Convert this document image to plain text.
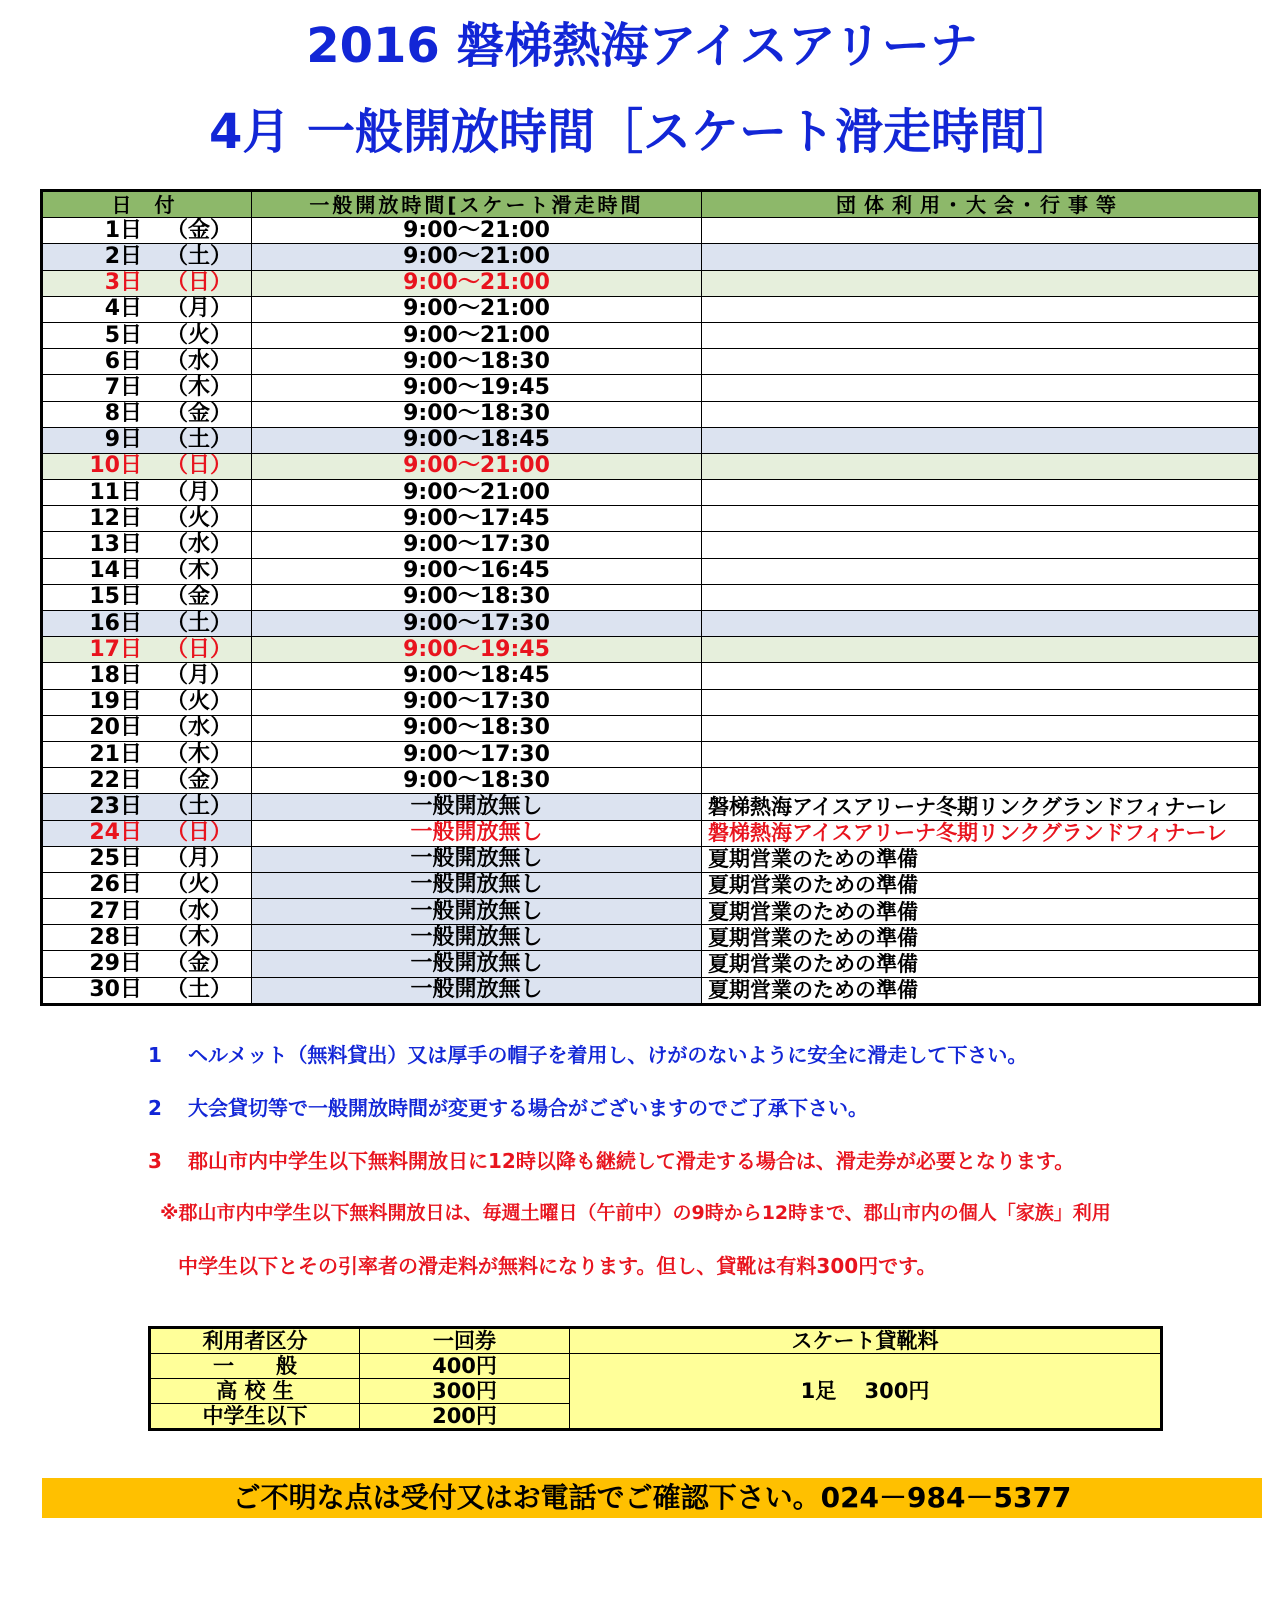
2016 磐梯熱海アイスアリーナ
4月 一般開放時間［スケート滑走時間］
日 付	一般開放時間[スケート滑走時間	団体利用･大会･行事等
1日 （金）	9:00～21:00	
2日 （土）	9:00～21:00	
3日 （日）	9:00～21:00	
4日 （月）	9:00～21:00	
5日 （火）	9:00～21:00	
6日 （水）	9:00～18:30	
7日 （木）	9:00～19:45	
8日 （金）	9:00～18:30	
9日 （土）	9:00～18:45	
10日 （日）	9:00～21:00	
11日 （月）	9:00～21:00	
12日 （火）	9:00～17:45	
13日 （水）	9:00～17:30	
14日 （木）	9:00～16:45	
15日 （金）	9:00～18:30	
16日 （土）	9:00～17:30	
17日 （日）	9:00～19:45	
18日 （月）	9:00～18:45	
19日 （火）	9:00～17:30	
20日 （水）	9:00～18:30	
21日 （木）	9:00～17:30	
22日 （金）	9:00～18:30	
23日 （土）	一般開放無し	磐梯熱海アイスアリーナ冬期リンクグランドフィナーレ
24日 （日）	一般開放無し	磐梯熱海アイスアリーナ冬期リンクグランドフィナーレ
25日 （月）	一般開放無し	夏期営業のための準備
26日 （火）	一般開放無し	夏期営業のための準備
27日 （水）	一般開放無し	夏期営業のための準備
28日 （木）	一般開放無し	夏期営業のための準備
29日 （金）	一般開放無し	夏期営業のための準備
30日 （土）	一般開放無し	夏期営業のための準備
1 ヘルメット（無料貸出）又は厚手の帽子を着用し、けがのないように安全に滑走して下さい。
2 大会貸切等で一般開放時間が変更する場合がございますのでご了承下さい。
3 郡山市内中学生以下無料開放日に12時以降も継続して滑走する場合は、滑走券が必要となります。
※郡山市内中学生以下無料開放日は、毎週土曜日（午前中）の9時から12時まで、郡山市内の個人「家族」利用
中学生以下とその引率者の滑走料が無料になります。但し、貸靴は有料300円です。
利用者区分	一回券	スケート貸靴料
一　　般	400円	1足　 300円
高 校 生	300円	
中学生以下	200円	
ご不明な点は受付又はお電話でご確認下さい。024－984－5377
